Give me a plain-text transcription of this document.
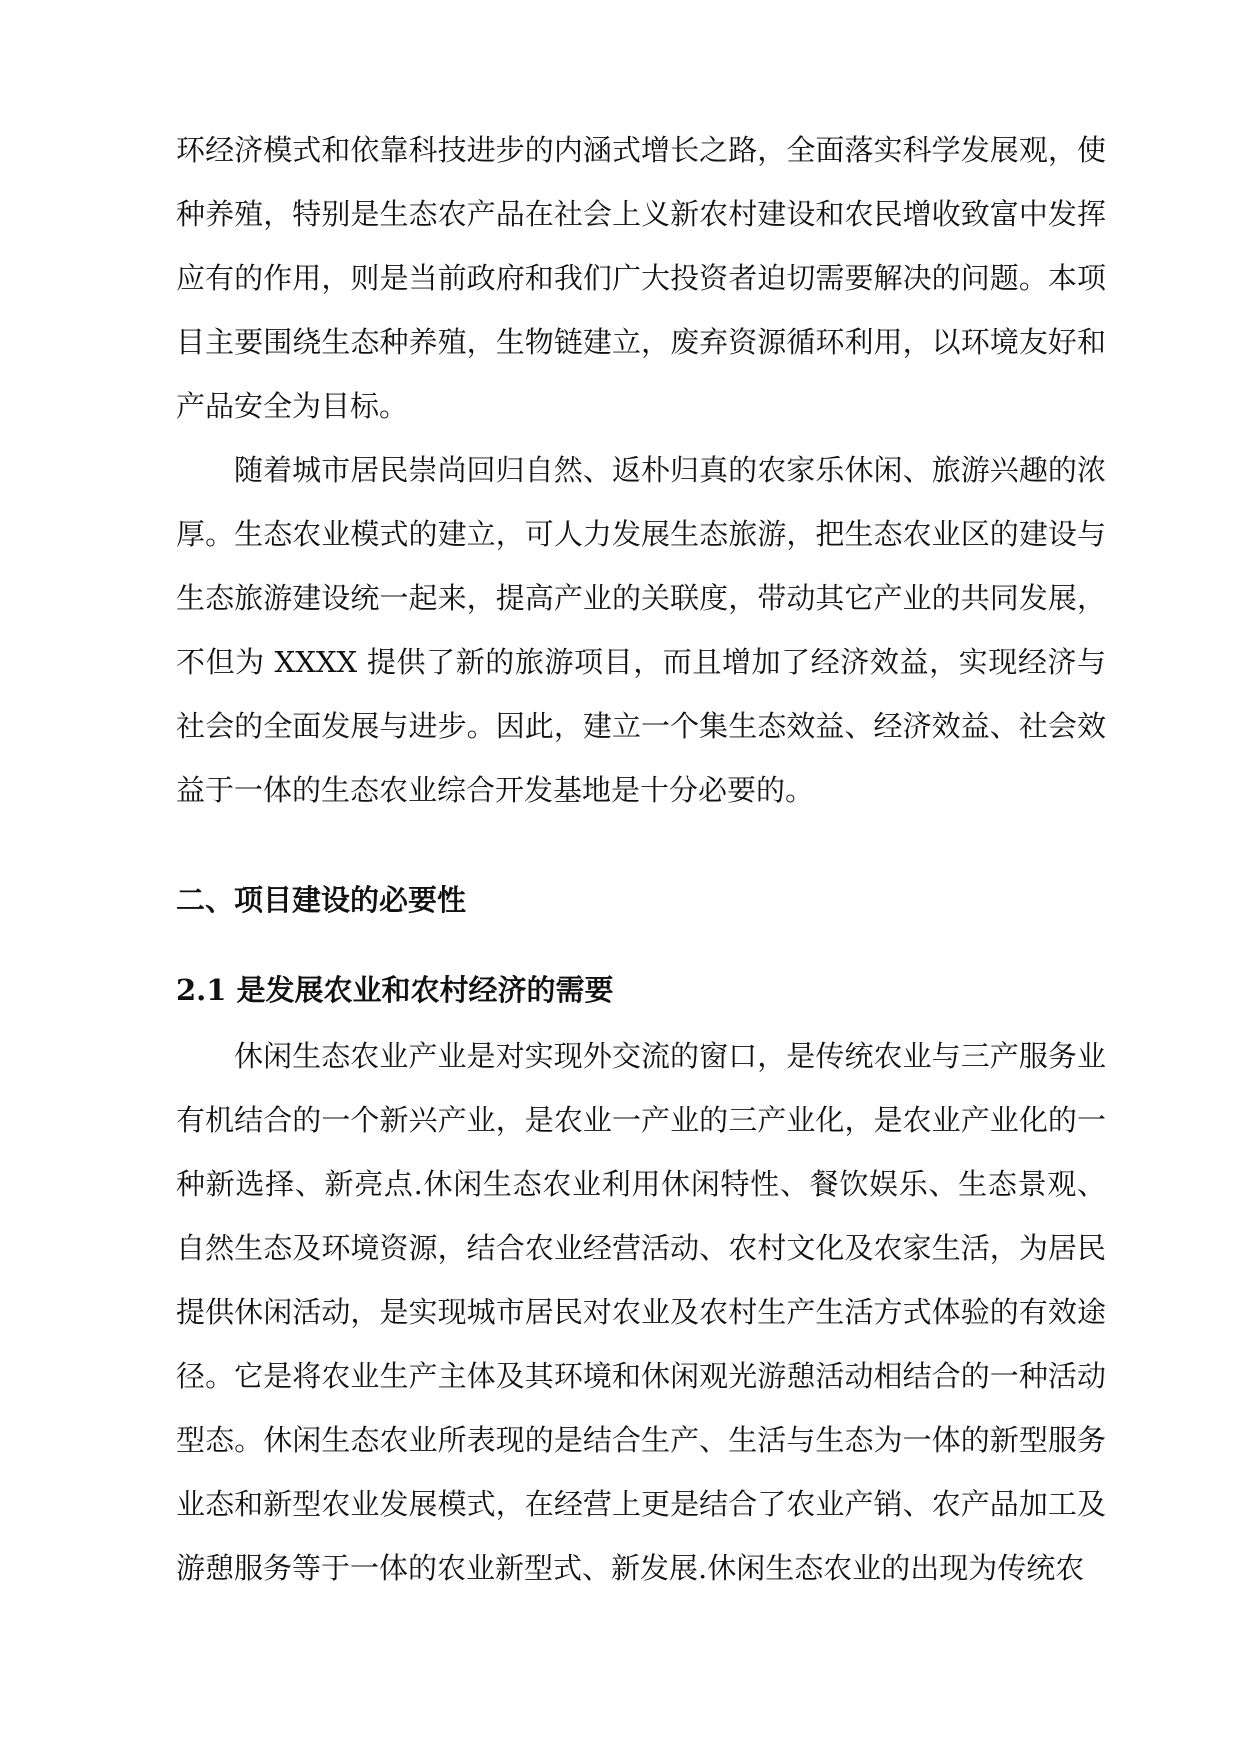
环经济模式和依靠科技进步的内涵式增长之路，全面落实科学发展观，使种养殖，特别是生态农产品在社会上义新农村建设和农民增收致富中发挥应有的作用，则是当前政府和我们广大投资者迫切需要解决的问题。本项目主要围绕生态种养殖，生物链建立，废弃资源循环利用，以环境友好和产品安全为目标。

随着城市居民崇尚回归自然、返朴归真的农家乐休闲、旅游兴趣的浓厚。生态农业模式的建立，可人力发展生态旅游，把生态农业区的建设与生态旅游建设统一起来，提高产业的关联度，带动其它产业的共同发展，不但为 XXXX 提供了新的旅游项目，而且增加了经济效益，实现经济与社会的全面发展与进步。因此，建立一个集生态效益、经济效益、社会效益于一体的生态农业综合开发基地是十分必要的。

二、项目建设的必要性
2.1 是发展农业和农村经济的需要

休闲生态农业产业是对实现外交流的窗口，是传统农业与三产服务业有机结合的一个新兴产业，是农业一产业的三产业化，是农业产业化的一种新选择、新亮点.休闲生态农业利用休闲特性、餐饮娱乐、生态景观、自然生态及环境资源，结合农业经营活动、农村文化及农家生活，为居民提供休闲活动，是实现城市居民对农业及农村生产生活方式体验的有效途径。它是将农业生产主体及其环境和休闲观光游憩活动相结合的一种活动型态。休闲生态农业所表现的是结合生产、生活与生态为一体的新型服务业态和新型农业发展模式，在经营上更是结合了农业产销、农产品加工及游憩服务等于一体的农业新型式、新发展.休闲生态农业的出现为传统农
